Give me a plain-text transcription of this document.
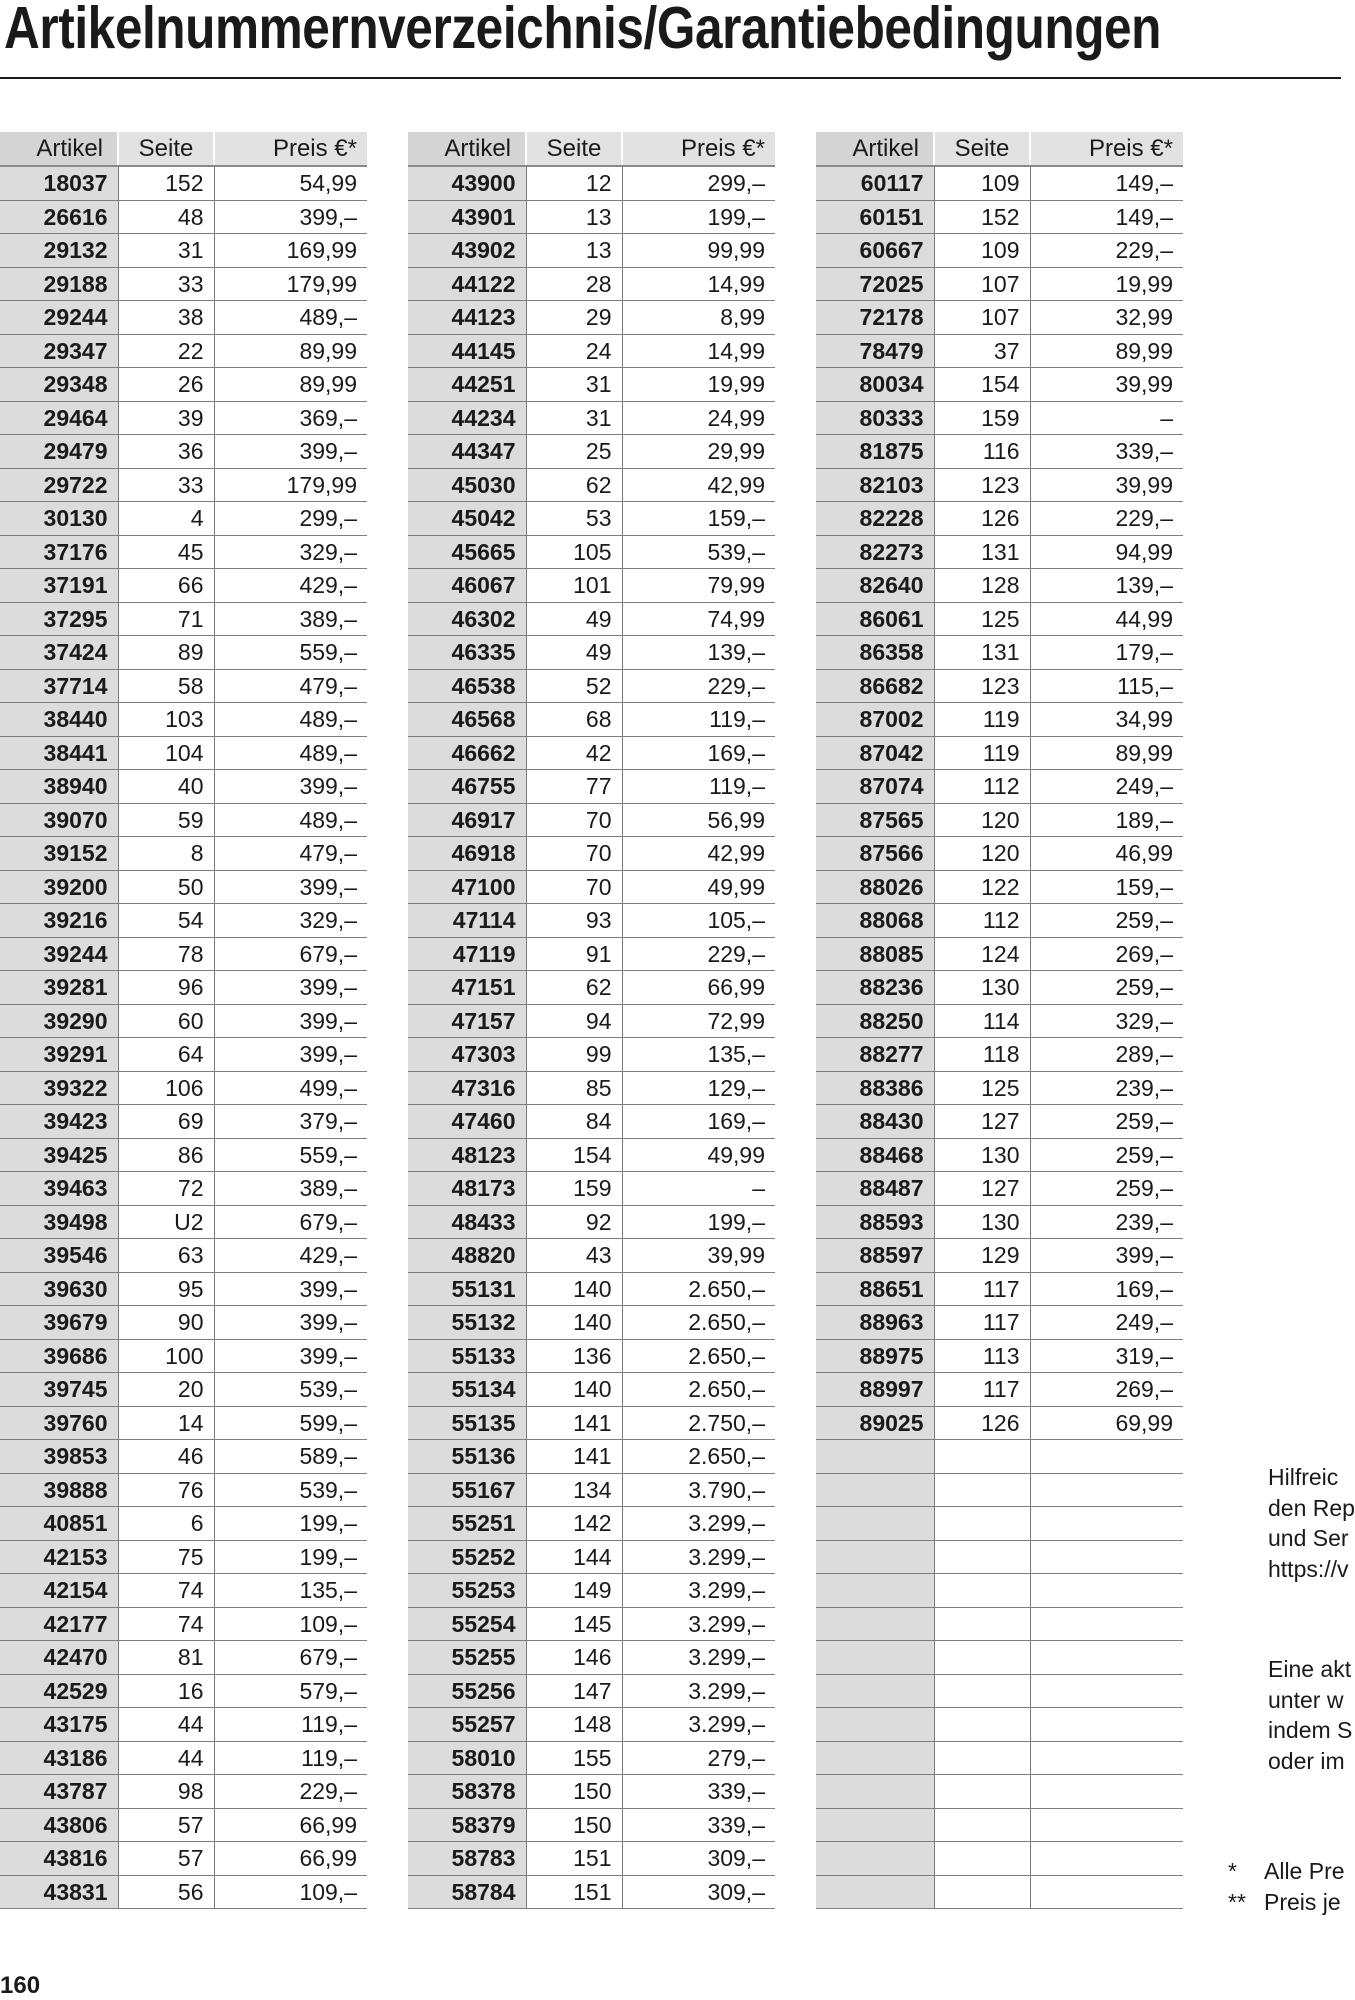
Artikelnummernverzeichnis/Garantiebedingungen
Artikel	Seite	Preis €*
18037	152	54,99
26616	48	399,–
29132	31	169,99
29188	33	179,99
29244	38	489,–
29347	22	89,99
29348	26	89,99
29464	39	369,–
29479	36	399,–
29722	33	179,99
30130	4	299,–
37176	45	329,–
37191	66	429,–
37295	71	389,–
37424	89	559,–
37714	58	479,–
38440	103	489,–
38441	104	489,–
38940	40	399,–
39070	59	489,–
39152	8	479,–
39200	50	399,–
39216	54	329,–
39244	78	679,–
39281	96	399,–
39290	60	399,–
39291	64	399,–
39322	106	499,–
39423	69	379,–
39425	86	559,–
39463	72	389,–
39498	U2	679,–
39546	63	429,–
39630	95	399,–
39679	90	399,–
39686	100	399,–
39745	20	539,–
39760	14	599,–
39853	46	589,–
39888	76	539,–
40851	6	199,–
42153	75	199,–
42154	74	135,–
42177	74	109,–
42470	81	679,–
42529	16	579,–
43175	44	119,–
43186	44	119,–
43787	98	229,–
43806	57	66,99
43816	57	66,99
43831	56	109,–
Artikel	Seite	Preis €*
43900	12	299,–
43901	13	199,–
43902	13	99,99
44122	28	14,99
44123	29	8,99
44145	24	14,99
44251	31	19,99
44234	31	24,99
44347	25	29,99
45030	62	42,99
45042	53	159,–
45665	105	539,–
46067	101	79,99
46302	49	74,99
46335	49	139,–
46538	52	229,–
46568	68	119,–
46662	42	169,–
46755	77	119,–
46917	70	56,99
46918	70	42,99
47100	70	49,99
47114	93	105,–
47119	91	229,–
47151	62	66,99
47157	94	72,99
47303	99	135,–
47316	85	129,–
47460	84	169,–
48123	154	49,99
48173	159	–
48433	92	199,–
48820	43	39,99
55131	140	2.650,–
55132	140	2.650,–
55133	136	2.650,–
55134	140	2.650,–
55135	141	2.750,–
55136	141	2.650,–
55167	134	3.790,–
55251	142	3.299,–
55252	144	3.299,–
55253	149	3.299,–
55254	145	3.299,–
55255	146	3.299,–
55256	147	3.299,–
55257	148	3.299,–
58010	155	279,–
58378	150	339,–
58379	150	339,–
58783	151	309,–
58784	151	309,–
Artikel	Seite	Preis €*
60117	109	149,–
60151	152	149,–
60667	109	229,–
72025	107	19,99
72178	107	32,99
78479	37	89,99
80034	154	39,99
80333	159	–
81875	116	339,–
82103	123	39,99
82228	126	229,–
82273	131	94,99
82640	128	139,–
86061	125	44,99
86358	131	179,–
86682	123	115,–
87002	119	34,99
87042	119	89,99
87074	112	249,–
87565	120	189,–
87566	120	46,99
88026	122	159,–
88068	112	259,–
88085	124	269,–
88236	130	259,–
88250	114	329,–
88277	118	289,–
88386	125	239,–
88430	127	259,–
88468	130	259,–
88487	127	259,–
88593	130	239,–
88597	129	399,–
88651	117	169,–
88963	117	249,–
88975	113	319,–
88997	117	269,–
89025	126	69,99

Hilfreic
den Rep
und Ser
https://v
Eine akt
unter w
indem S
oder im
*	Alle Pre
** Preis je
160
